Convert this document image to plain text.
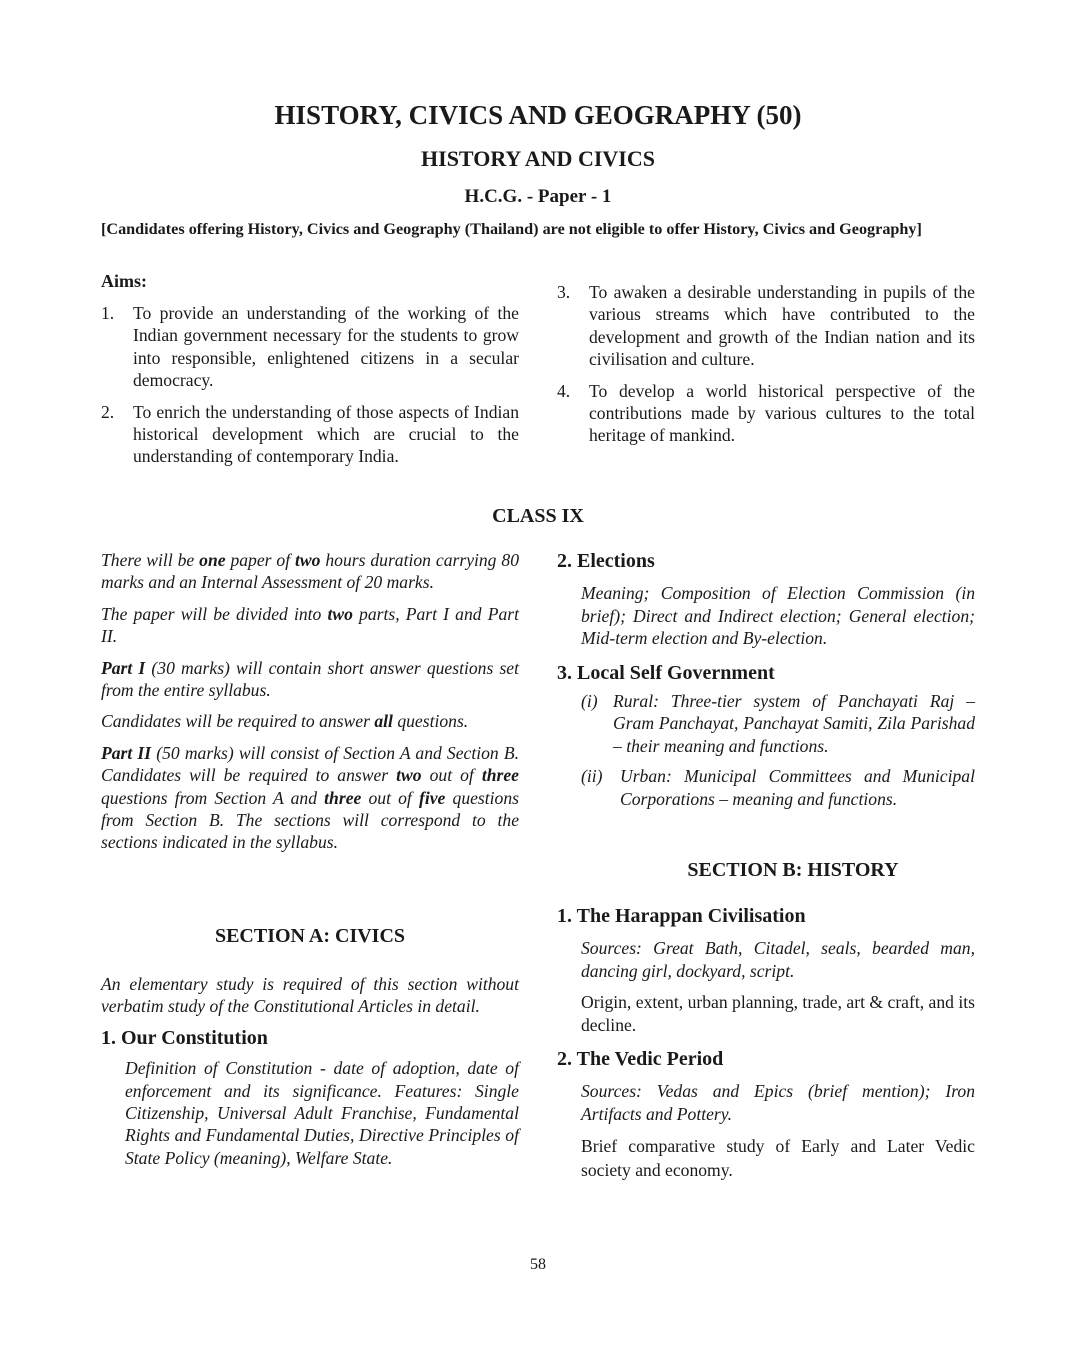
HISTORY, CIVICS AND GEOGRAPHY (50)
HISTORY AND CIVICS
H.C.G. - Paper - 1
[Candidates offering History, Civics and Geography (Thailand) are not eligible to offer History, Civics and Geography]
Aims:
1.	To provide an understanding of the working of the Indian government necessary for the students to grow into responsible, enlightened citizens in a secular democracy.
2.	To enrich the understanding of those aspects of Indian historical development which are crucial to the understanding of contemporary India.
3.	To awaken a desirable understanding in pupils of the various streams which have contributed to the development and growth of the Indian nation and its civilisation and culture.
4.	To develop a world historical perspective of the contributions made by various cultures to the total heritage of mankind.
CLASS IX

There will be one paper of two hours duration carrying 80 marks and an Internal Assessment of 20 marks.

The paper will be divided into two parts, Part I and Part II.

Part I (30 marks) will contain short answer questions set from the entire syllabus.

Candidates will be required to answer all questions.

Part II (50 marks) will consist of Section A and Section B. Candidates will be required to answer two out of three questions from Section A and three out of five questions from Section B. The sections will correspond to the sections indicated in the syllabus.

SECTION A: CIVICS

An elementary study is required of this section without verbatim study of the Constitutional Articles in detail.

1. Our Constitution

Definition of Constitution - date of adoption, date of enforcement and its significance. Features: Single Citizenship, Universal Adult Franchise, Fundamental Rights and Fundamental Duties, Directive Principles of State Policy (meaning), Welfare State.

2. Elections

Meaning; Composition of Election Commission (in brief); Direct and Indirect election; General election; Mid-term election and By-election.

3. Local Self Government
(i) Rural: Three-tier system of Panchayati Raj – Gram Panchayat, Panchayat Samiti, Zila Parishad – their meaning and functions.
(ii) Urban: Municipal Committees and Municipal Corporations – meaning and functions.
SECTION B: HISTORY
1. The Harappan Civilisation

Sources: Great Bath, Citadel, seals, bearded man, dancing girl, dockyard, script.

Origin, extent, urban planning, trade, art & craft, and its decline.

2. The Vedic Period

Sources: Vedas and Epics (brief mention); Iron Artifacts and Pottery.

Brief comparative study of Early and Later Vedic society and economy.

58
